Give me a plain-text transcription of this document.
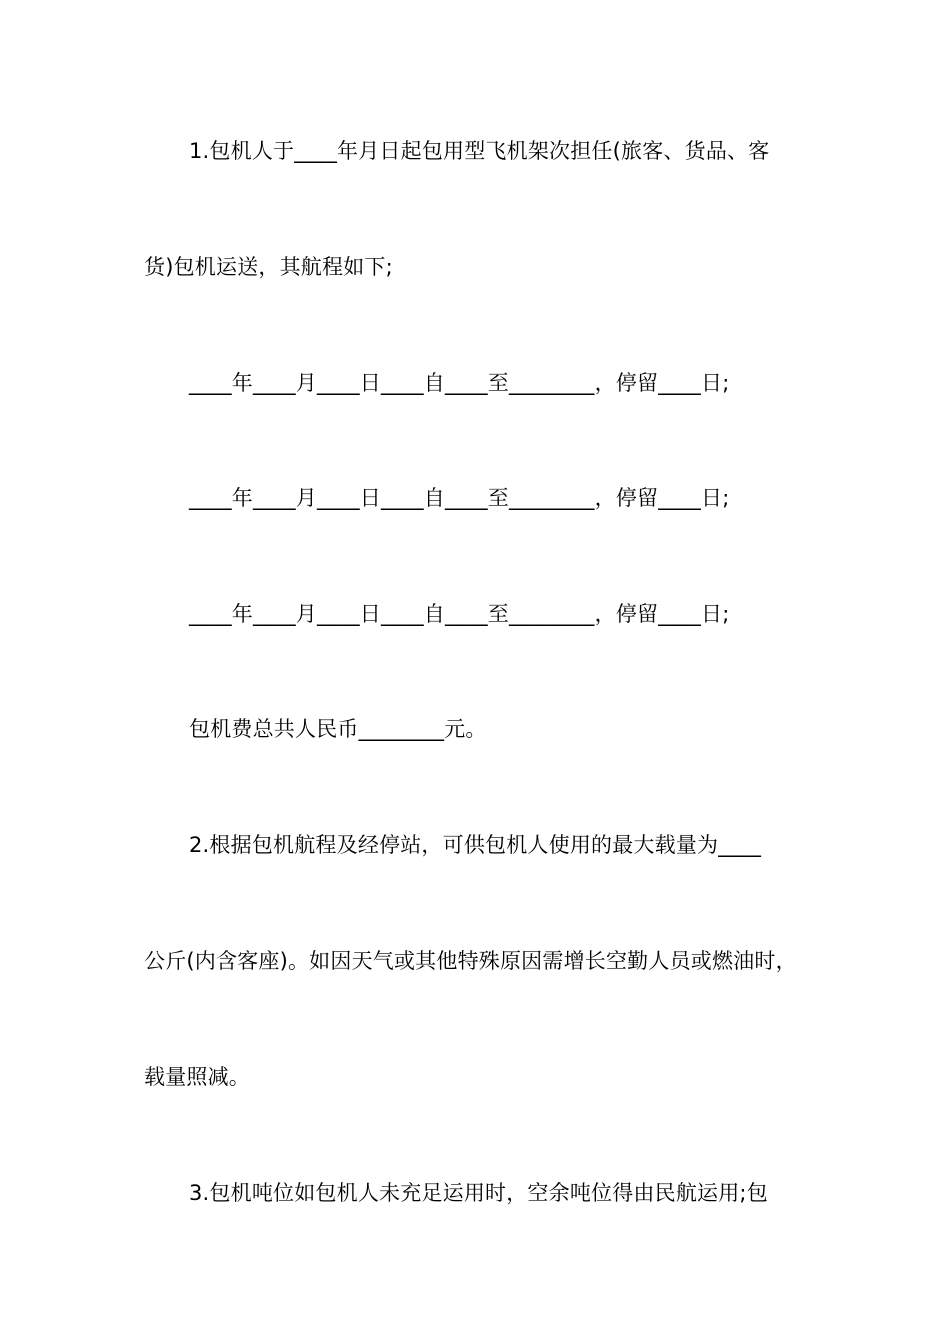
1.包机人于____年月日起包用型飞机架次担任(旅客、货品、客
货)包机运送，其航程如下;
____年____月____日____自____至________，停留____日;
____年____月____日____自____至________，停留____日;
____年____月____日____自____至________，停留____日;
包机费总共人民币________元。
2.根据包机航程及经停站，可供包机人使用的最大载量为____
公斤(内含客座)。如因天气或其他特殊原因需增长空勤人员或燃油时，
载量照减。
3.包机吨位如包机人未充足运用时，空余吨位得由民航运用;包
